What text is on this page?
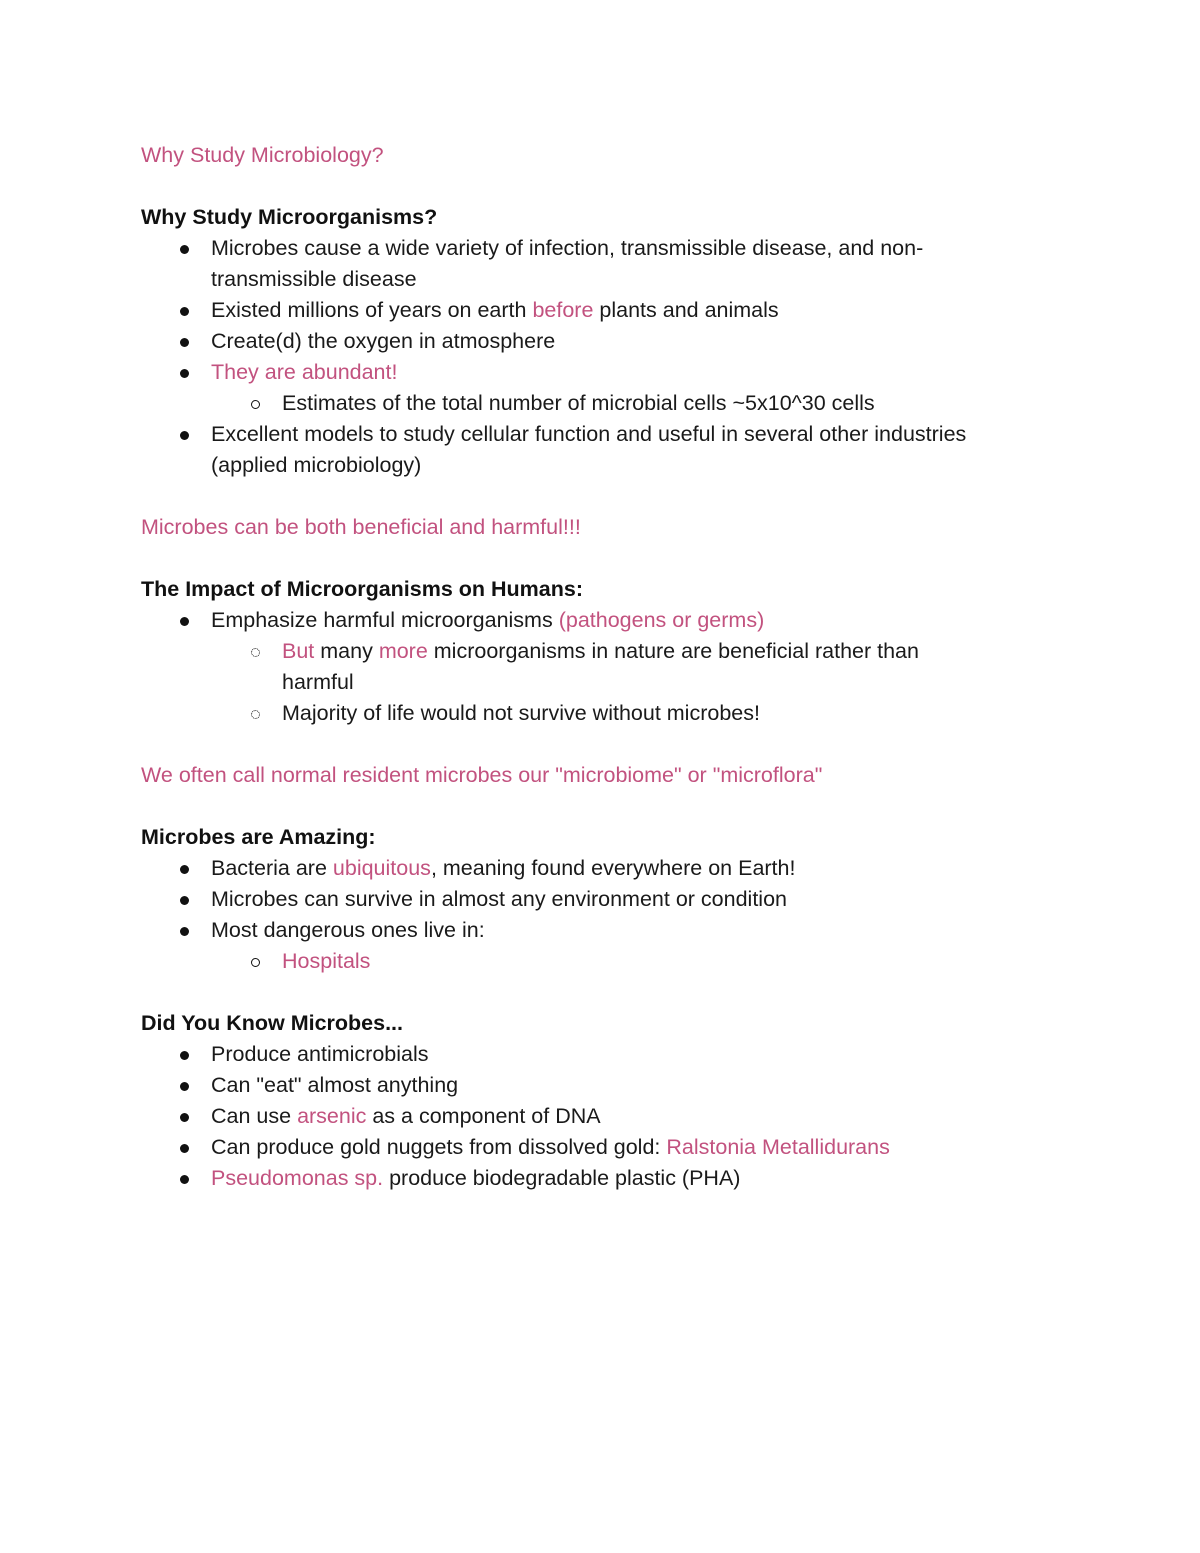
Why Study Microbiology?
Why Study Microorganisms?
Microbes cause a wide variety of infection, transmissible disease, and non-
transmissible disease
Existed millions of years on earth before plants and animals
Create(d) the oxygen in atmosphere
They are abundant!
Estimates of the total number of microbial cells ~5x10^30 cells
Excellent models to study cellular function and useful in several other industries
(applied microbiology)
Microbes can be both beneficial and harmful!!!
The Impact of Microorganisms on Humans:
Emphasize harmful microorganisms (pathogens or germs)
But many more microorganisms in nature are beneficial rather than
harmful
Majority of life would not survive without microbes!
We often call normal resident microbes our "microbiome" or "microflora"
Microbes are Amazing:
Bacteria are ubiquitous, meaning found everywhere on Earth!
Microbes can survive in almost any environment or condition
Most dangerous ones live in:
Hospitals
Did You Know Microbes...
Produce antimicrobials
Can "eat" almost anything
Can use arsenic as a component of DNA
Can produce gold nuggets from dissolved gold: Ralstonia Metallidurans
Pseudomonas sp. produce biodegradable plastic (PHA)
